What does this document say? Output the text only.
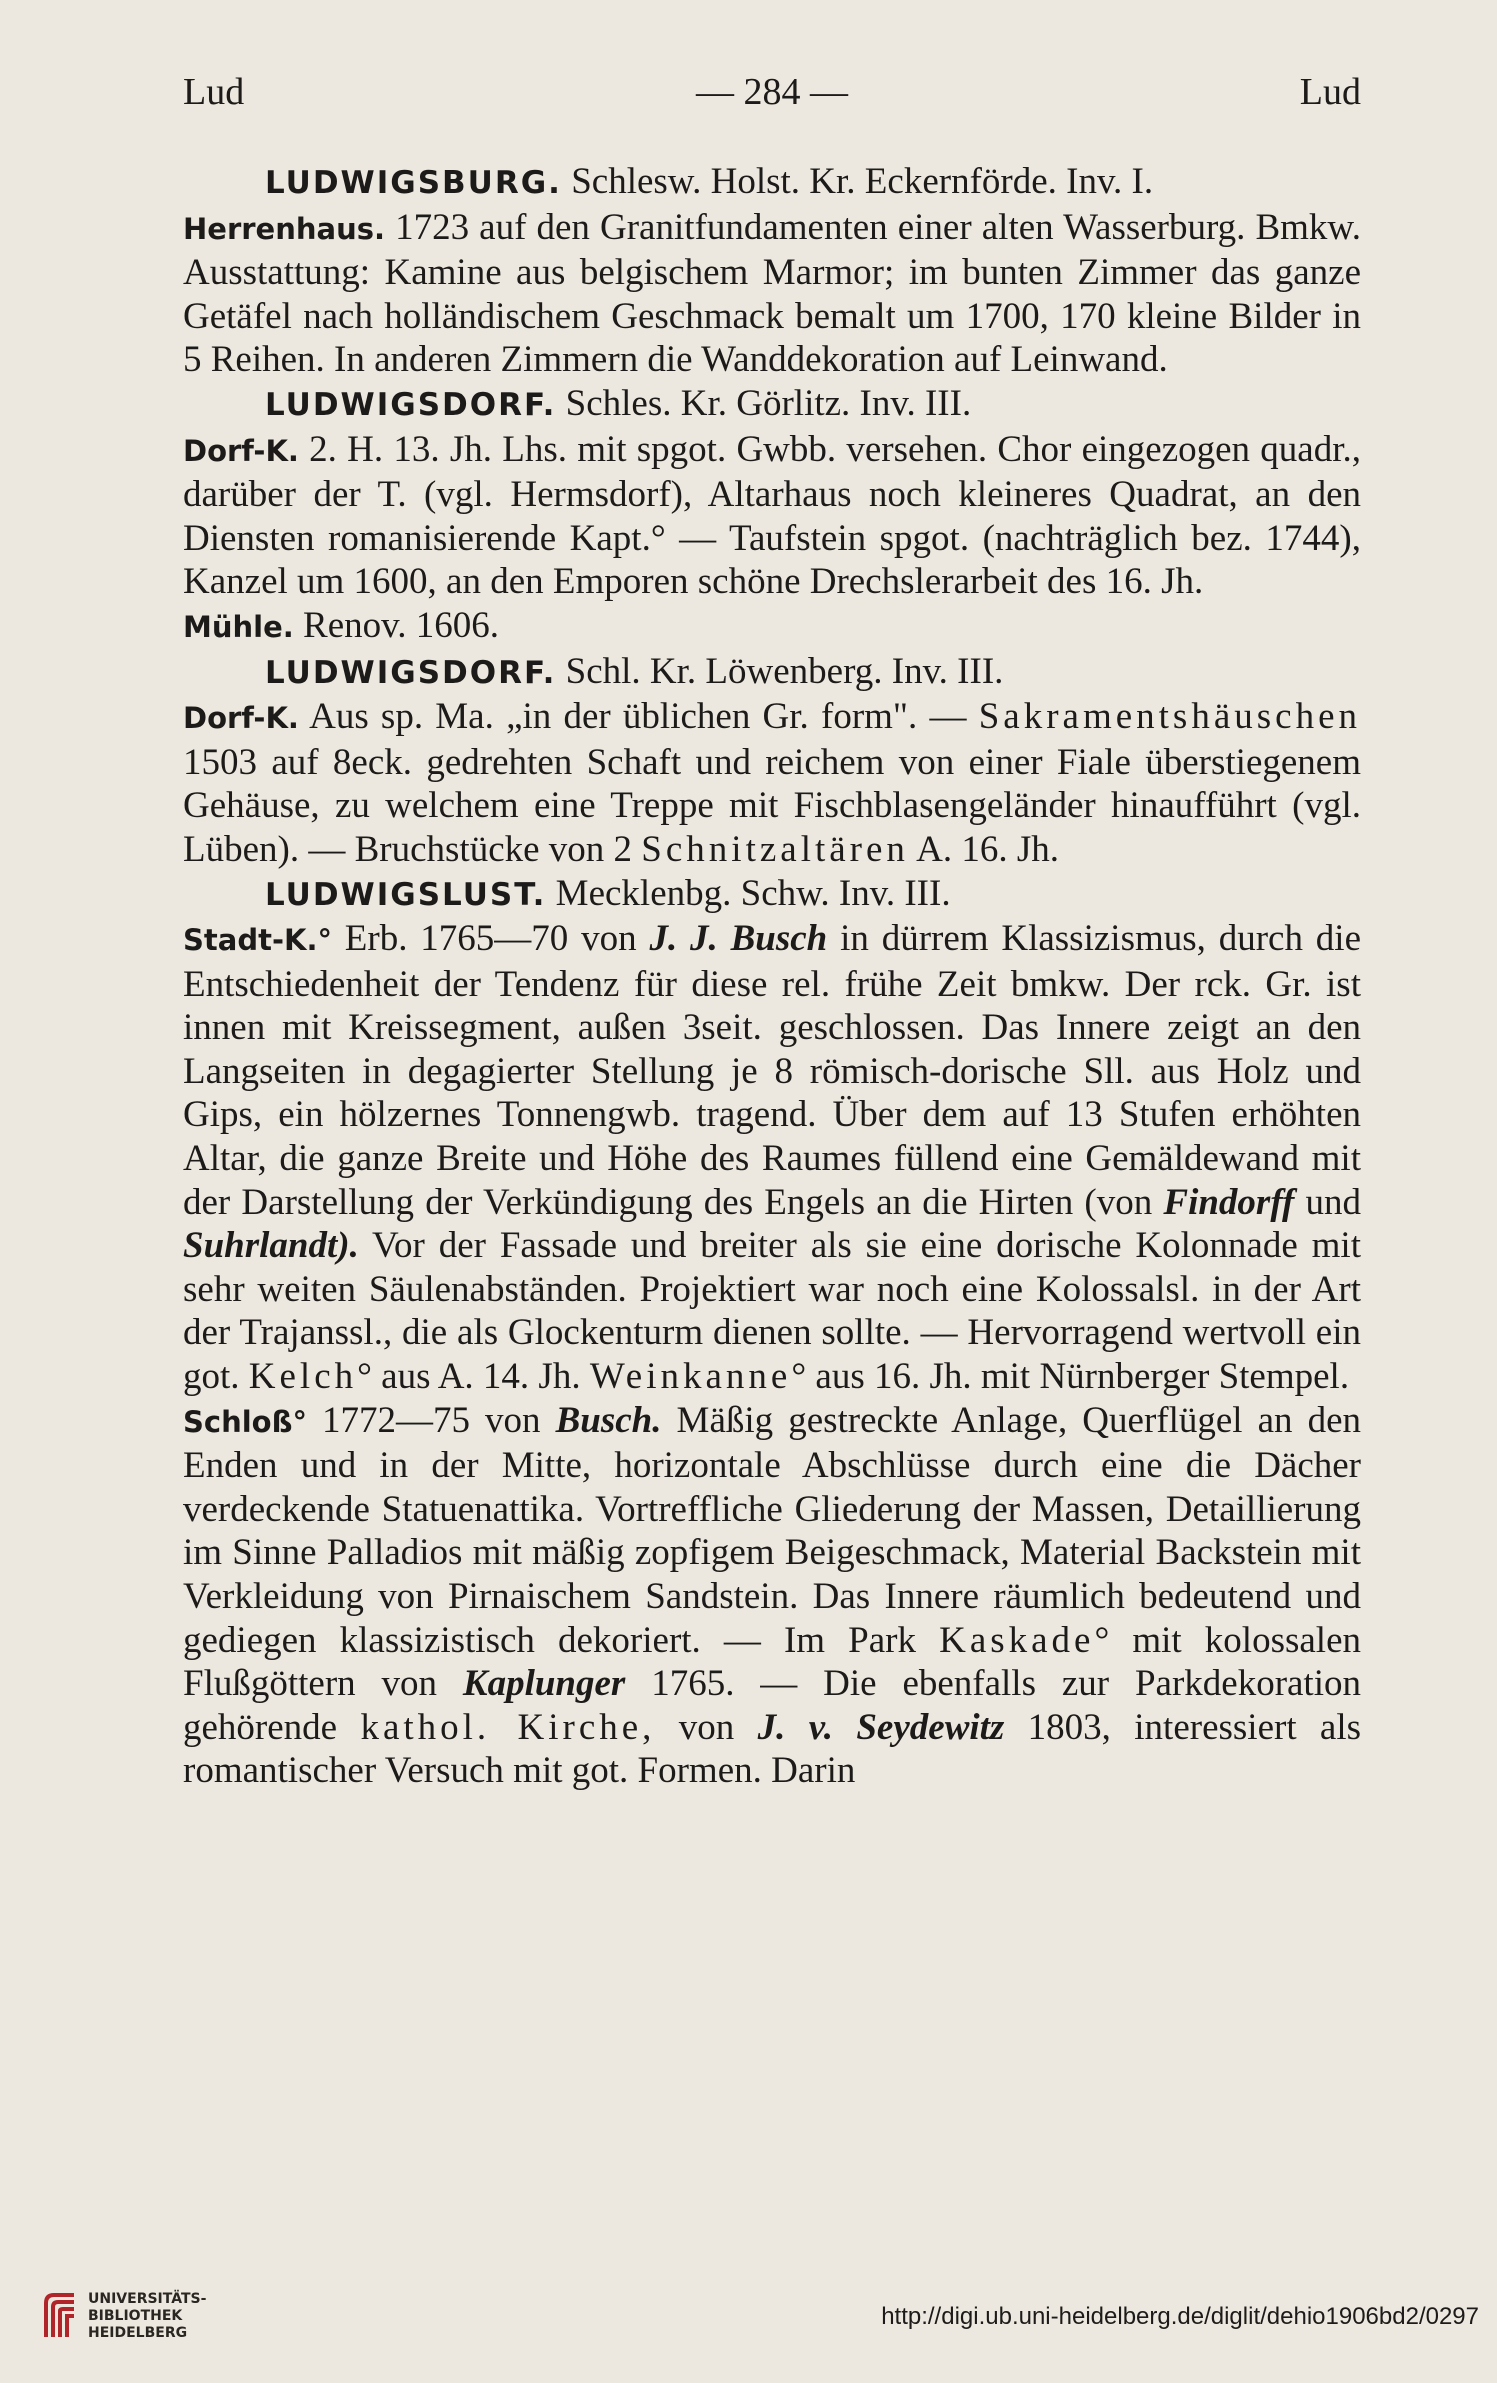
Lud	— 284 —	Lud

LUDWIGSBURG. Schlesw. Holst. Kr. Eckernförde. Inv. I.
Herrenhaus. 1723 auf den Granitfundamenten einer alten Wasserburg. Bmkw. Ausstattung: Kamine aus belgischem Marmor; im bunten Zimmer das ganze Getäfel nach holländischem Geschmack bemalt um 1700, 170 kleine Bilder in 5 Reihen. In anderen Zimmern die Wanddekoration auf Leinwand.

LUDWIGSDORF. Schles. Kr. Görlitz. Inv. III.
Dorf-K. 2. H. 13. Jh. Lhs. mit spgot. Gwbb. versehen. Chor eingezogen quadr., darüber der T. (vgl. Hermsdorf), Altarhaus noch kleineres Quadrat, an den Diensten romanisierende Kapt.° — Taufstein spgot. (nachträglich bez. 1744), Kanzel um 1600, an den Emporen schöne Drechslerarbeit des 16. Jh.
Mühle. Renov. 1606.

LUDWIGSDORF. Schl. Kr. Löwenberg. Inv. III.
Dorf-K. Aus sp. Ma. „in der üblichen Gr. form". — Sakramentshäuschen 1503 auf 8eck. gedrehten Schaft und reichem von einer Fiale überstiegenem Gehäuse, zu welchem eine Treppe mit Fischblasengeländer hinaufführt (vgl. Lüben). — Bruchstücke von 2 Schnitzaltären A. 16. Jh.

LUDWIGSLUST. Mecklenbg. Schw. Inv. III.
Stadt-K.° Erb. 1765—70 von J. J. Busch in dürrem Klassizismus, durch die Entschiedenheit der Tendenz für diese rel. frühe Zeit bmkw. Der rck. Gr. ist innen mit Kreissegment, außen 3seit. geschlossen. Das Innere zeigt an den Langseiten in degagierter Stellung je 8 römisch-dorische Sll. aus Holz und Gips, ein hölzernes Tonnengwb. tragend. Über dem auf 13 Stufen erhöhten Altar, die ganze Breite und Höhe des Raumes füllend eine Gemäldewand mit der Darstellung der Verkündigung des Engels an die Hirten (von Findorff und Suhrlandt). Vor der Fassade und breiter als sie eine dorische Kolonnade mit sehr weiten Säulenabständen. Projektiert war noch eine Kolossalsl. in der Art der Trajanssl., die als Glockenturm dienen sollte. — Hervorragend wertvoll ein got. Kelch° aus A. 14. Jh. Weinkanne° aus 16. Jh. mit Nürnberger Stempel.
Schloß° 1772—75 von Busch. Mäßig gestreckte Anlage, Querflügel an den Enden und in der Mitte, horizontale Abschlüsse durch eine die Dächer verdeckende Statuenattika. Vortreffliche Gliederung der Massen, Detaillierung im Sinne Palladios mit mäßig zopfigem Beigeschmack, Material Backstein mit Verkleidung von Pirnaischem Sandstein. Das Innere räumlich bedeutend und gediegen klassizistisch dekoriert. — Im Park Kaskade° mit kolossalen Flußgöttern von Kaplunger 1765. — Die ebenfalls zur Parkdekoration gehörende kathol. Kirche, von J. v. Seydewitz 1803, interessiert als romantischer Versuch mit got. Formen. Darin

UNIVERSITÄTS-
BIBLIOTHEK
HEIDELBERG
http://digi.ub.uni-heidelberg.de/diglit/dehio1906bd2/0297
